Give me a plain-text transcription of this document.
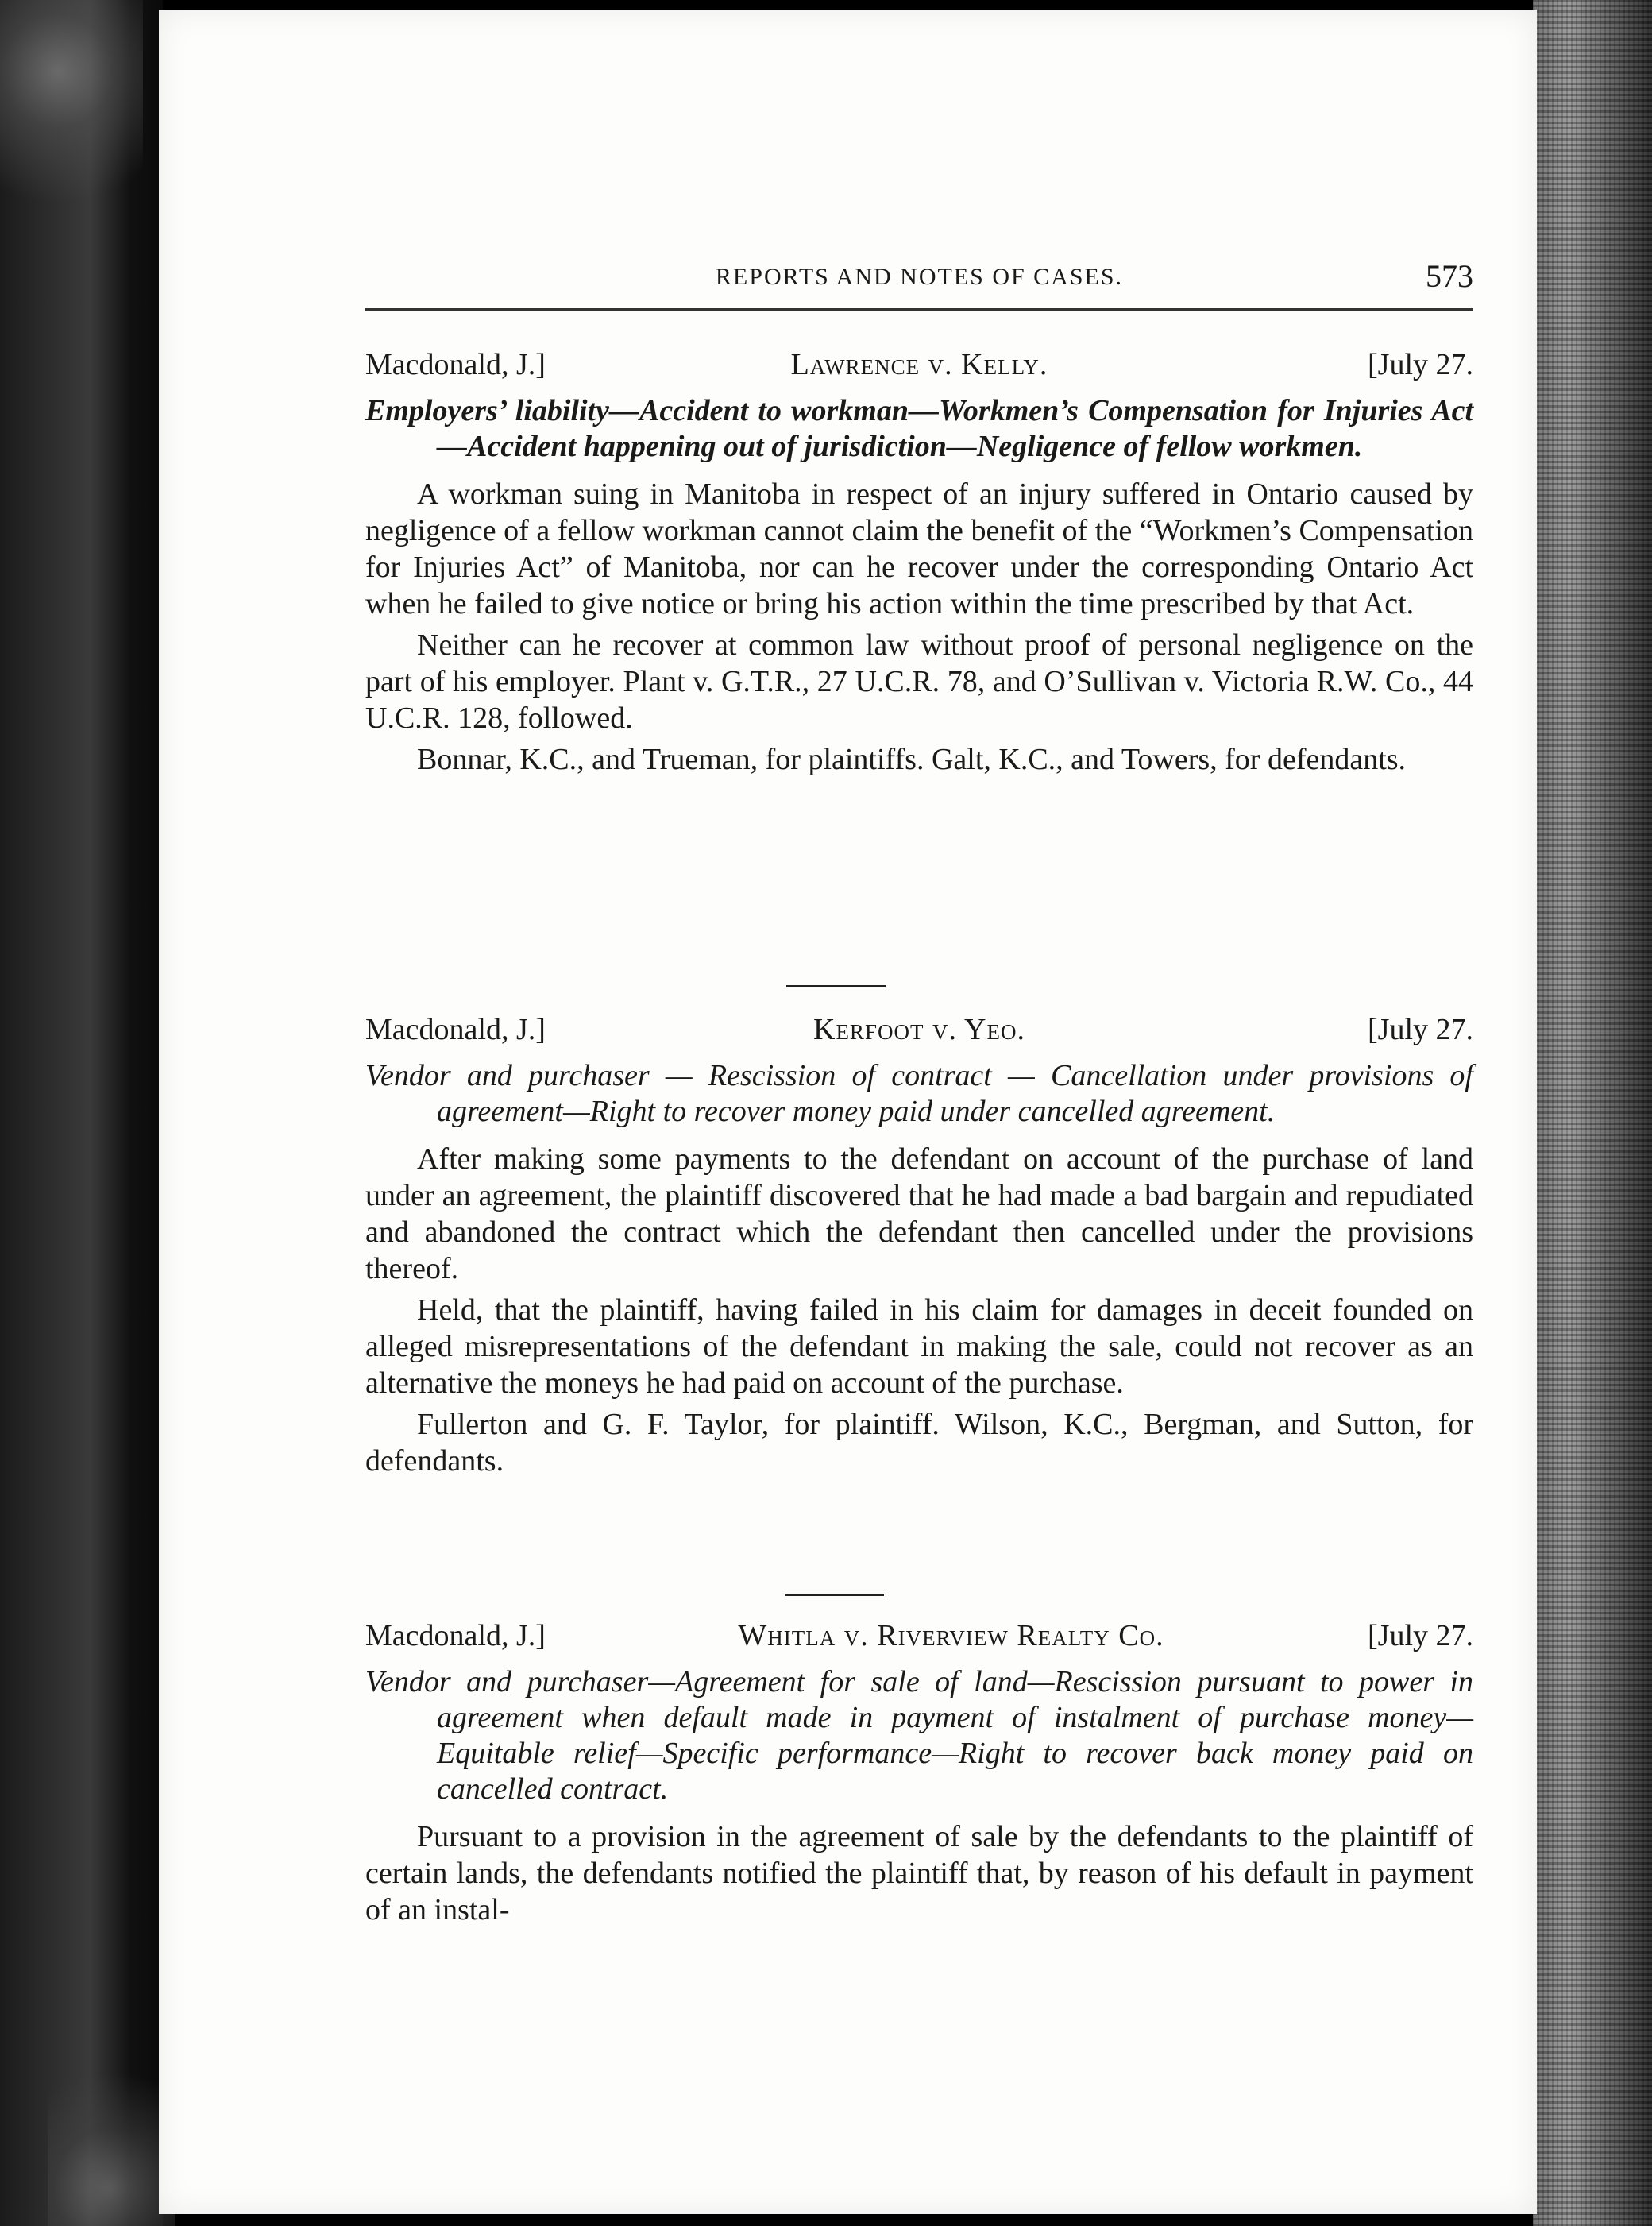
REPORTS AND NOTES OF CASES.	573
Macdonald, J.]	Lawrence v. Kelly.	[July 27.

Employers’ liability—Accident to workman—Workmen’s Compensation for Injuries Act—Accident happening out of jurisdiction—Negligence of fellow workmen.

A workman suing in Manitoba in respect of an injury suffered in Ontario caused by negligence of a fellow workman cannot claim the benefit of the “Workmen’s Compensation for Injuries Act” of Manitoba, nor can he recover under the corresponding Ontario Act when he failed to give notice or bring his action within the time prescribed by that Act.

Neither can he recover at common law without proof of personal negligence on the part of his employer. Plant v. G.T.R., 27 U.C.R. 78, and O’Sullivan v. Victoria R.W. Co., 44 U.C.R. 128, followed.

Bonnar, K.C., and Trueman, for plaintiffs. Galt, K.C., and Towers, for defendants.

Macdonald, J.]	Kerfoot v. Yeo.	[July 27.

Vendor and purchaser — Rescission of contract — Cancellation under provisions of agreement—Right to recover money paid under cancelled agreement.

After making some payments to the defendant on account of the purchase of land under an agreement, the plaintiff discovered that he had made a bad bargain and repudiated and abandoned the contract which the defendant then cancelled under the provisions thereof.

Held, that the plaintiff, having failed in his claim for damages in deceit founded on alleged misrepresentations of the defendant in making the sale, could not recover as an alternative the moneys he had paid on account of the purchase.

Fullerton and G. F. Taylor, for plaintiff. Wilson, K.C., Bergman, and Sutton, for defendants.

Macdonald, J.]	Whitla v. Riverview Realty Co.	[July 27.

Vendor and purchaser—Agreement for sale of land—Rescission pursuant to power in agreement when default made in payment of instalment of purchase money—Equitable relief—Specific performance—Right to recover back money paid on cancelled contract.

Pursuant to a provision in the agreement of sale by the defendants to the plaintiff of certain lands, the defendants notified the plaintiff that, by reason of his default in payment of an instal-
